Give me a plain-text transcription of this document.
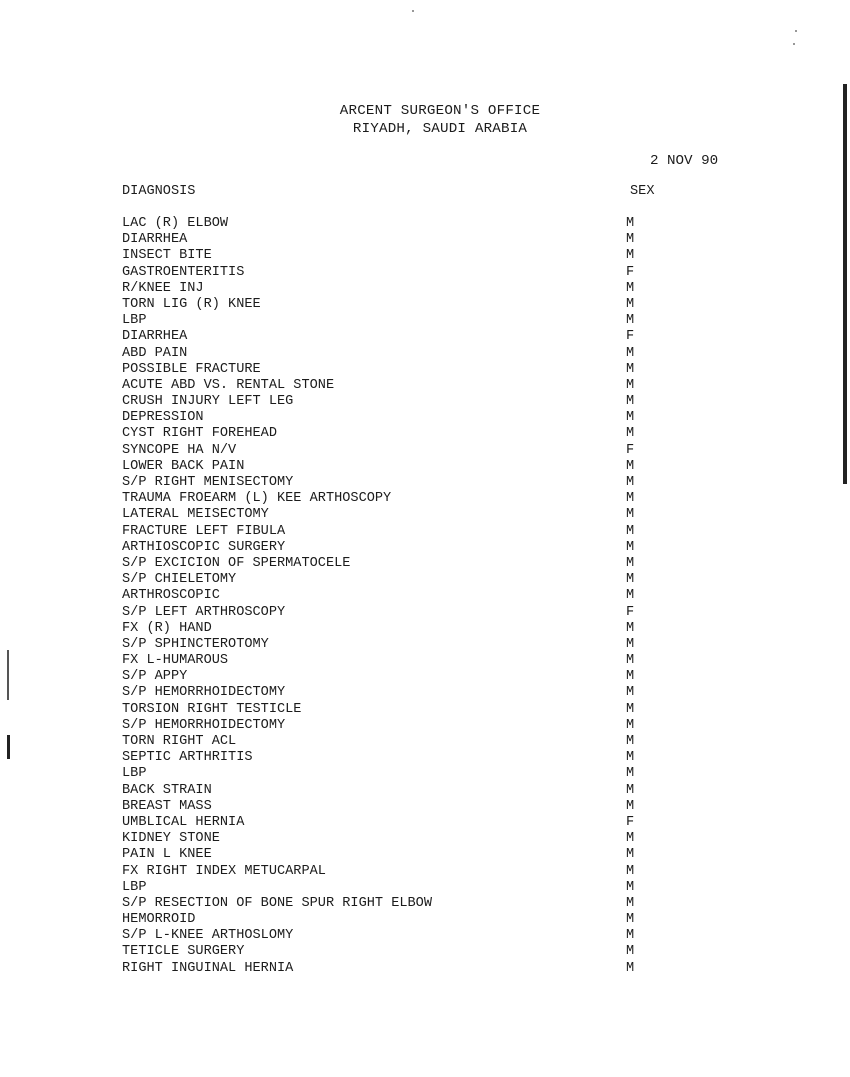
ARCENT SURGEON'S OFFICE
RIYADH, SAUDI ARABIA
2 NOV 90
DIAGNOSIS	SEX
LAC (R) ELBOW	M
DIARRHEA	M
INSECT BITE	M
GASTROENTERITIS	F
R/KNEE INJ	M
TORN LIG (R) KNEE	M
LBP	M
DIARRHEA	F
ABD PAIN	M
POSSIBLE FRACTURE	M
ACUTE ABD VS. RENTAL STONE	M
CRUSH INJURY LEFT LEG	M
DEPRESSION	M
CYST RIGHT FOREHEAD	M
SYNCOPE HA N/V	F
LOWER BACK PAIN	M
S/P RIGHT MENISECTOMY	M
TRAUMA FROEARM (L) KEE ARTHOSCOPY	M
LATERAL MEISECTOMY	M
FRACTURE LEFT FIBULA	M
ARTHIOSCOPIC SURGERY	M
S/P EXCICION OF SPERMATOCELE	M
S/P CHIELETOMY	M
ARTHROSCOPIC	M
S/P LEFT ARTHROSCOPY	F
FX (R) HAND	M
S/P SPHINCTEROTOMY	M
FX L-HUMAROUS	M
S/P APPY	M
S/P HEMORRHOIDECTOMY	M
TORSION RIGHT TESTICLE	M
S/P HEMORRHOIDECTOMY	M
TORN RIGHT ACL	M
SEPTIC ARTHRITIS	M
LBP	M
BACK STRAIN	M
BREAST MASS	M
UMBLICAL HERNIA	F
KIDNEY STONE	M
PAIN L KNEE	M
FX RIGHT INDEX METUCARPAL	M
LBP	M
S/P RESECTION OF BONE SPUR RIGHT ELBOW	M
HEMORROID	M
S/P L-KNEE ARTHOSLOMY	M
TETICLE SURGERY	M
RIGHT INGUINAL HERNIA	M
